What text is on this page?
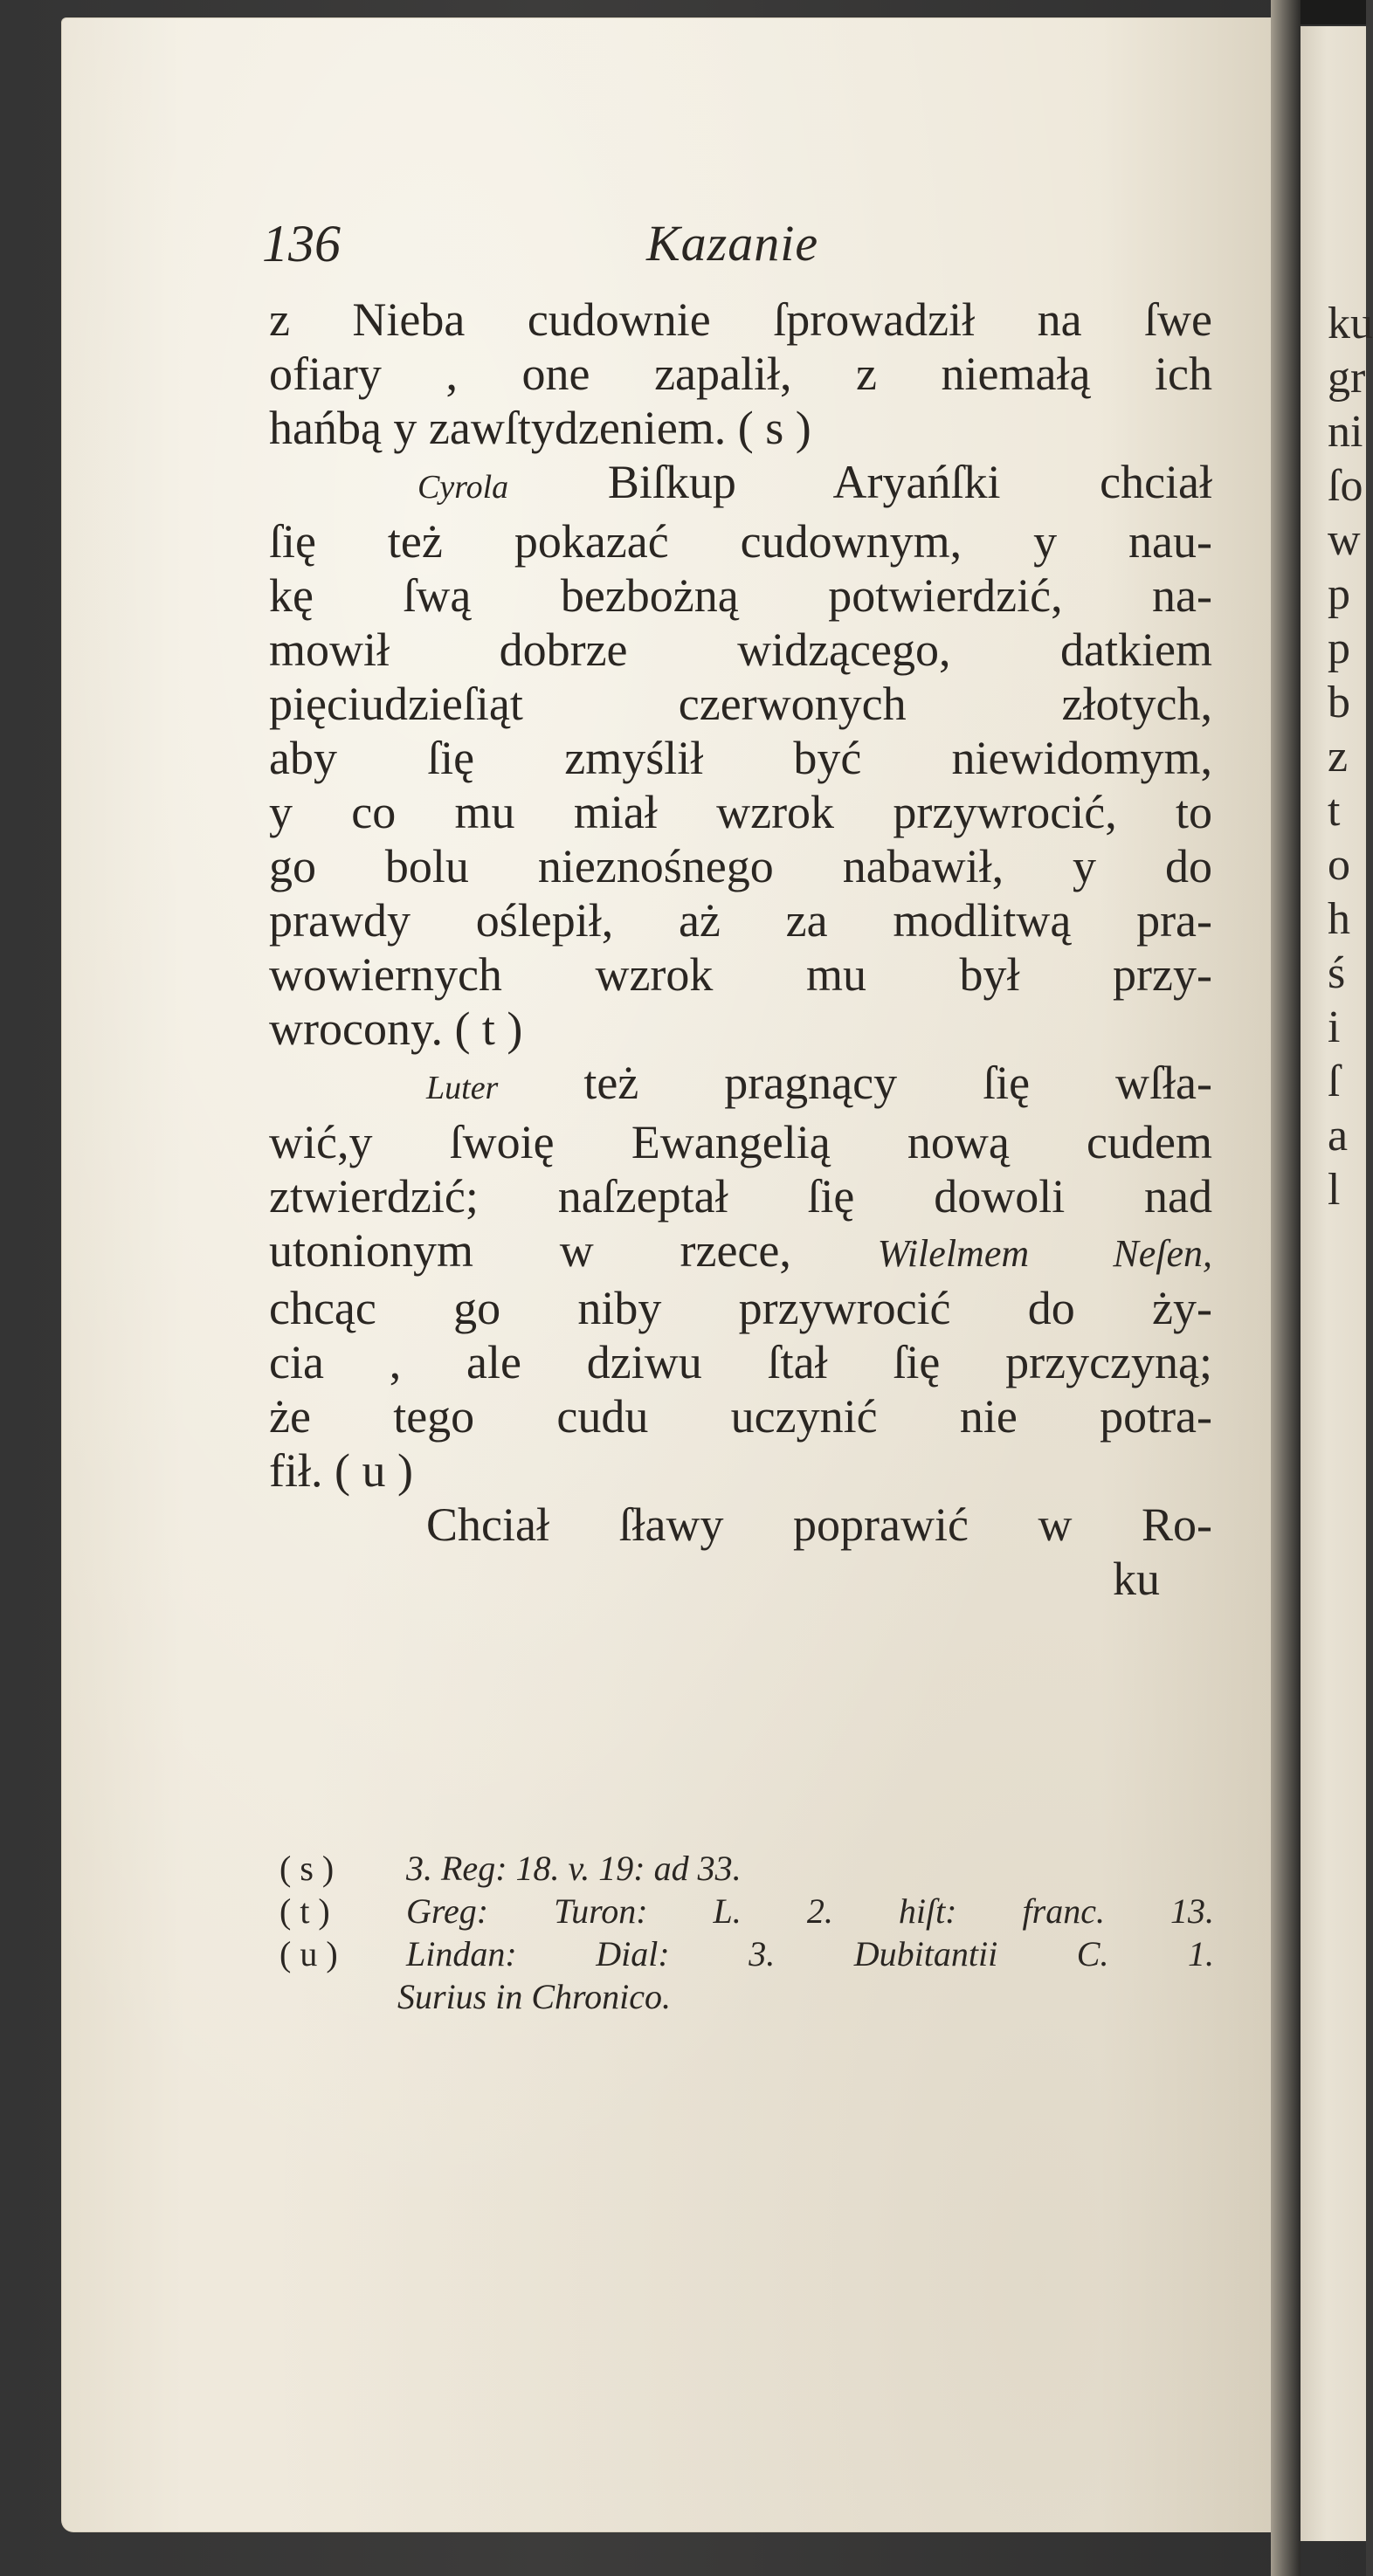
136	Kazanie
z Nieba cudownie ſprowadził na ſwe
ofiary , one zapalił, z niemałą ich
hańbą y zawſtydzeniem. ( s )
Cyrola Biſkup Aryańſki chciał
ſię też pokazać cudownym, y nau-
kę ſwą bezbożną potwierdzić, na-
mowił dobrze widzącego, datkiem
pięciudzieſiąt czerwonych złotych,
aby ſię zmyślił być niewidomym,
y co mu miał wzrok przywrocić, to
go bolu nieznośnego nabawił, y do
prawdy oślepił, aż za modlitwą pra-
wowiernych wzrok mu był przy-
wrocony. ( t )
Luter też pragnący ſię wſła-
wić,y ſwoię Ewangelią nową cudem
ztwierdzić; naſzeptał ſię dowoli nad
utonionym w rzece, Wilelmem Neſen,
chcąc go niby przywrocić do ży-
cia , ale dziwu ſtał ſię przyczyną;
że tego cudu uczynić nie potra-
fił. ( u )
Chciał ſławy poprawić w Ro-
ku
( s )	3. Reg: 18. v. 19: ad 33.
( t )	Greg: Turon: L. 2. hiſt: franc. 13.
( u )	Lindan: Dial: 3. Dubitantii C. 1.
Surius in Chronico.
ku
gr
ni
ſo
w
p
p
b
z
t
o
h
ś
i
ſ
a
l
